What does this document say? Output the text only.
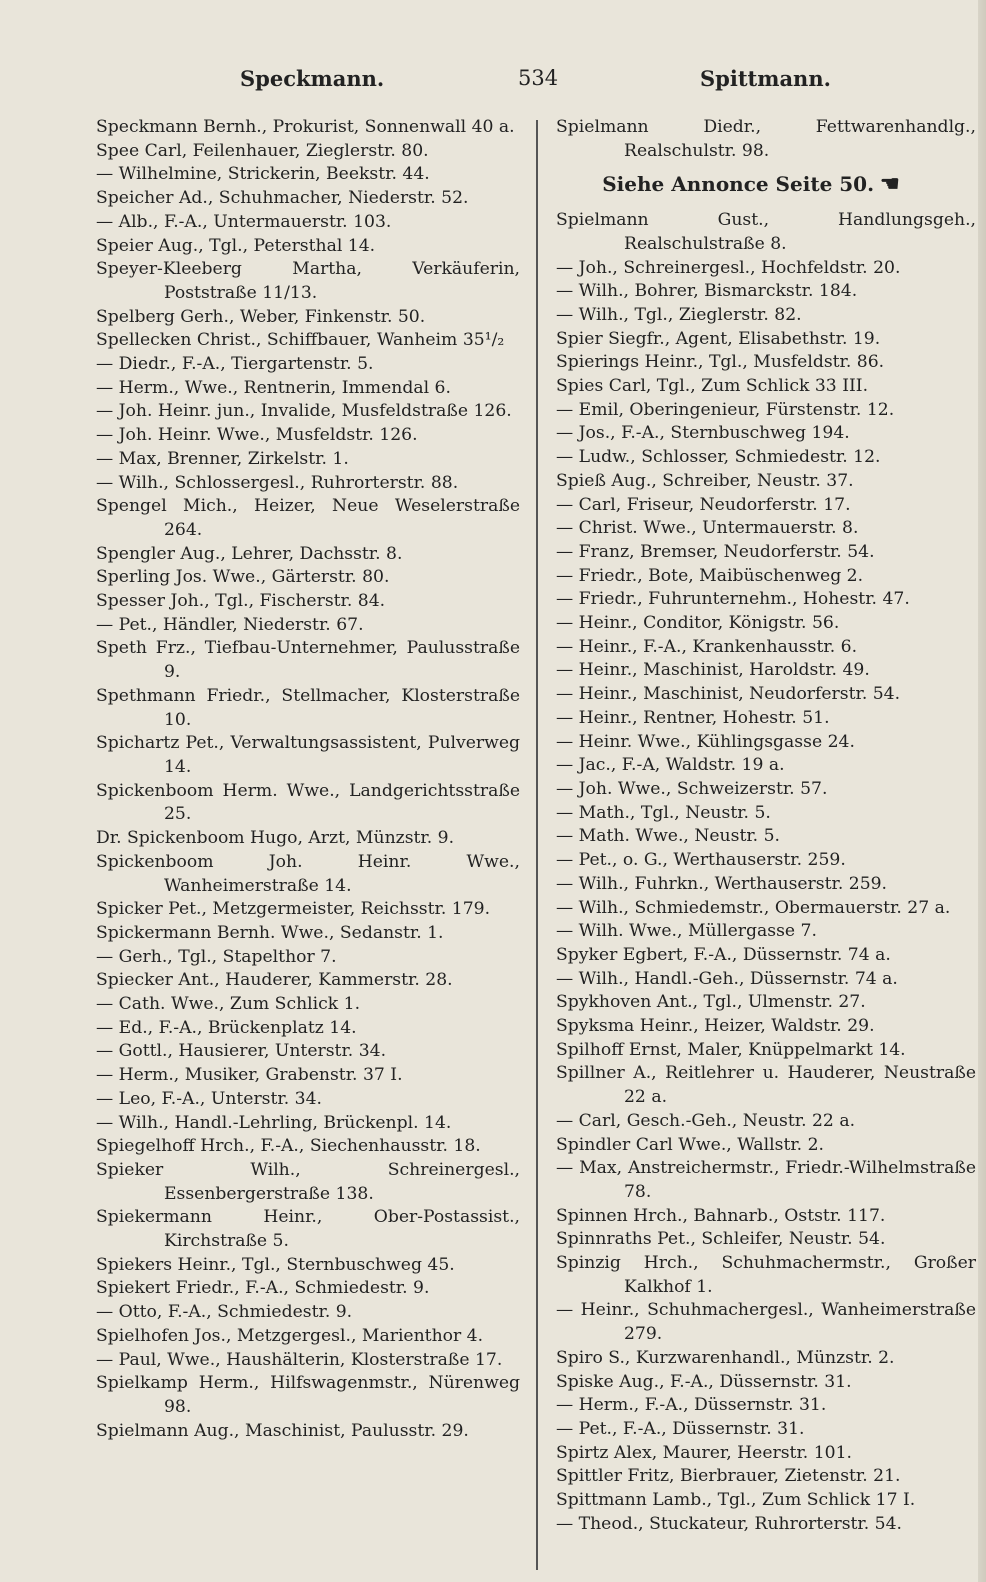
Speckmann.	534	Spittmann.
Speckmann Bernh., Prokurist, Sonnenwall 40 a.
Spee Carl, Feilenhauer, Zieglerstr. 80.
— Wilhelmine, Strickerin, Beekstr. 44.
Speicher Ad., Schuhmacher, Niederstr. 52.
— Alb., F.-A., Untermauerstr. 103.
Speier Aug., Tgl., Petersthal 14.
Speyer-Kleeberg Martha, Verkäuferin, Poststraße 11/13.
Spelberg Gerh., Weber, Finkenstr. 50.
Spellecken Christ., Schiffbauer, Wanheim 35¹/₂
— Diedr., F.-A., Tiergartenstr. 5.
— Herm., Wwe., Rentnerin, Immendal 6.
— Joh. Heinr. jun., Invalide, Musfeldstraße 126.
— Joh. Heinr. Wwe., Musfeldstr. 126.
— Max, Brenner, Zirkelstr. 1.
— Wilh., Schlossergesl., Ruhrorterstr. 88.
Spengel Mich., Heizer, Neue Weselerstraße 264.
Spengler Aug., Lehrer, Dachsstr. 8.
Sperling Jos. Wwe., Gärterstr. 80.
Spesser Joh., Tgl., Fischerstr. 84.
— Pet., Händler, Niederstr. 67.
Speth Frz., Tiefbau-Unternehmer, Paulusstraße 9.
Spethmann Friedr., Stellmacher, Klosterstraße 10.
Spichartz Pet., Verwaltungsassistent, Pulverweg 14.
Spickenboom Herm. Wwe., Landgerichtsstraße 25.
Dr. Spickenboom Hugo, Arzt, Münzstr. 9.
Spickenboom Joh. Heinr. Wwe., Wanheimerstraße 14.
Spicker Pet., Metzgermeister, Reichsstr. 179.
Spickermann Bernh. Wwe., Sedanstr. 1.
— Gerh., Tgl., Stapelthor 7.
Spiecker Ant., Hauderer, Kammerstr. 28.
— Cath. Wwe., Zum Schlick 1.
— Ed., F.-A., Brückenplatz 14.
— Gottl., Hausierer, Unterstr. 34.
— Herm., Musiker, Grabenstr. 37 I.
— Leo, F.-A., Unterstr. 34.
— Wilh., Handl.-Lehrling, Brückenpl. 14.
Spiegelhoff Hrch., F.-A., Siechenhausstr. 18.
Spieker Wilh., Schreinergesl., Essenbergerstraße 138.
Spiekermann Heinr., Ober-Postassist., Kirchstraße 5.
Spiekers Heinr., Tgl., Sternbuschweg 45.
Spiekert Friedr., F.-A., Schmiedestr. 9.
— Otto, F.-A., Schmiedestr. 9.
Spielhofen Jos., Metzgergesl., Marienthor 4.
— Paul, Wwe., Haushälterin, Klosterstraße 17.
Spielkamp Herm., Hilfswagenmstr., Nürenweg 98.
Spielmann Aug., Maschinist, Paulusstr. 29.
Spielmann Diedr., Fettwarenhandlg., Realschulstr. 98.
Siehe Annonce Seite 50. ☚
Spielmann Gust., Handlungsgeh., Realschulstraße 8.
— Joh., Schreinergesl., Hochfeldstr. 20.
— Wilh., Bohrer, Bismarckstr. 184.
— Wilh., Tgl., Zieglerstr. 82.
Spier Siegfr., Agent, Elisabethstr. 19.
Spierings Heinr., Tgl., Musfeldstr. 86.
Spies Carl, Tgl., Zum Schlick 33 III.
— Emil, Oberingenieur, Fürstenstr. 12.
— Jos., F.-A., Sternbuschweg 194.
— Ludw., Schlosser, Schmiedestr. 12.
Spieß Aug., Schreiber, Neustr. 37.
— Carl, Friseur, Neudorferstr. 17.
— Christ. Wwe., Untermauerstr. 8.
— Franz, Bremser, Neudorferstr. 54.
— Friedr., Bote, Maibüschenweg 2.
— Friedr., Fuhrunternehm., Hohestr. 47.
— Heinr., Conditor, Königstr. 56.
— Heinr., F.-A., Krankenhausstr. 6.
— Heinr., Maschinist, Haroldstr. 49.
— Heinr., Maschinist, Neudorferstr. 54.
— Heinr., Rentner, Hohestr. 51.
— Heinr. Wwe., Kühlingsgasse 24.
— Jac., F.-A, Waldstr. 19 a.
— Joh. Wwe., Schweizerstr. 57.
— Math., Tgl., Neustr. 5.
— Math. Wwe., Neustr. 5.
— Pet., o. G., Werthauserstr. 259.
— Wilh., Fuhrkn., Werthauserstr. 259.
— Wilh., Schmiedemstr., Obermauerstr. 27 a.
— Wilh. Wwe., Müllergasse 7.
Spyker Egbert, F.-A., Düssernstr. 74 a.
— Wilh., Handl.-Geh., Düssernstr. 74 a.
Spykhoven Ant., Tgl., Ulmenstr. 27.
Spyksma Heinr., Heizer, Waldstr. 29.
Spilhoff Ernst, Maler, Knüppelmarkt 14.
Spillner A., Reitlehrer u. Hauderer, Neustraße 22 a.
— Carl, Gesch.-Geh., Neustr. 22 a.
Spindler Carl Wwe., Wallstr. 2.
— Max, Anstreichermstr., Friedr.-Wilhelmstraße 78.
Spinnen Hrch., Bahnarb., Oststr. 117.
Spinnraths Pet., Schleifer, Neustr. 54.
Spinzig Hrch., Schuhmachermstr., Großer Kalkhof 1.
— Heinr., Schuhmachergesl., Wanheimerstraße 279.
Spiro S., Kurzwarenhandl., Münzstr. 2.
Spiske Aug., F.-A., Düssernstr. 31.
— Herm., F.-A., Düssernstr. 31.
— Pet., F.-A., Düssernstr. 31.
Spirtz Alex, Maurer, Heerstr. 101.
Spittler Fritz, Bierbrauer, Zietenstr. 21.
Spittmann Lamb., Tgl., Zum Schlick 17 I.
— Theod., Stuckateur, Ruhrorterstr. 54.
